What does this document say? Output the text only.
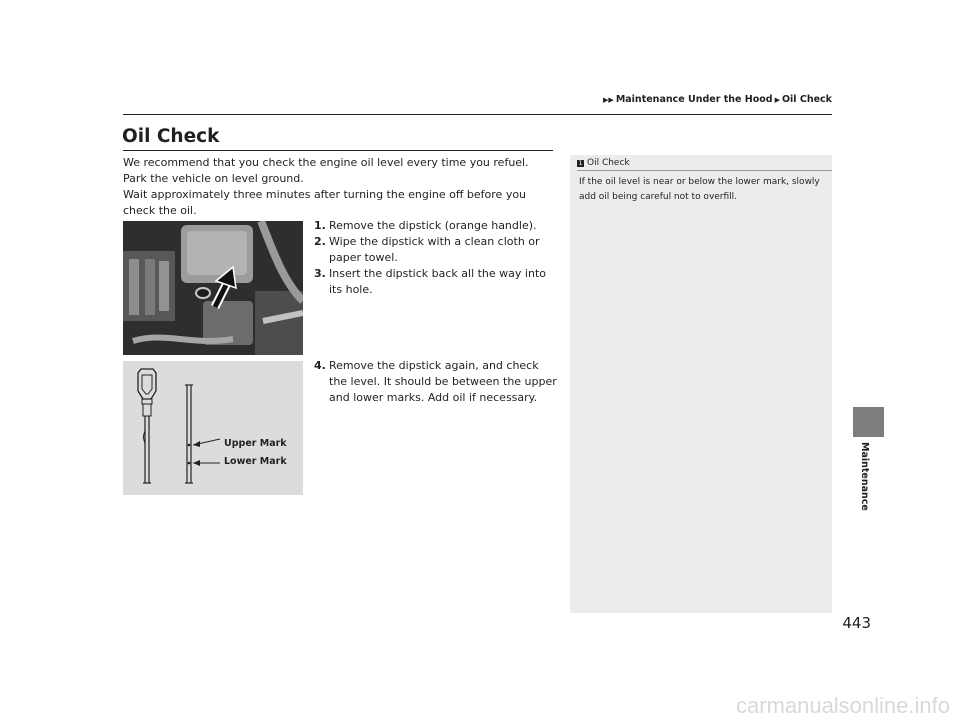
▶▶ Maintenance Under the Hood ▶ Oil Check
Oil Check

We recommend that you check the engine oil level every time you refuel.

Park the vehicle on level ground.

Wait approximately three minutes after turning the engine off before you check the oil.

1. Remove the dipstick (orange handle).
2. Wipe the dipstick with a clean cloth or paper towel.
3. Insert the dipstick back all the way into its hole.
Upper Mark
Lower Mark
4. Remove the dipstick again, and check the level. It should be between the upper and lower marks. Add oil if necessary.
1 Oil Check

If the oil level is near or below the lower mark, slowly add oil being careful not to overfill.

Maintenance
443
carmanualsonline.info
